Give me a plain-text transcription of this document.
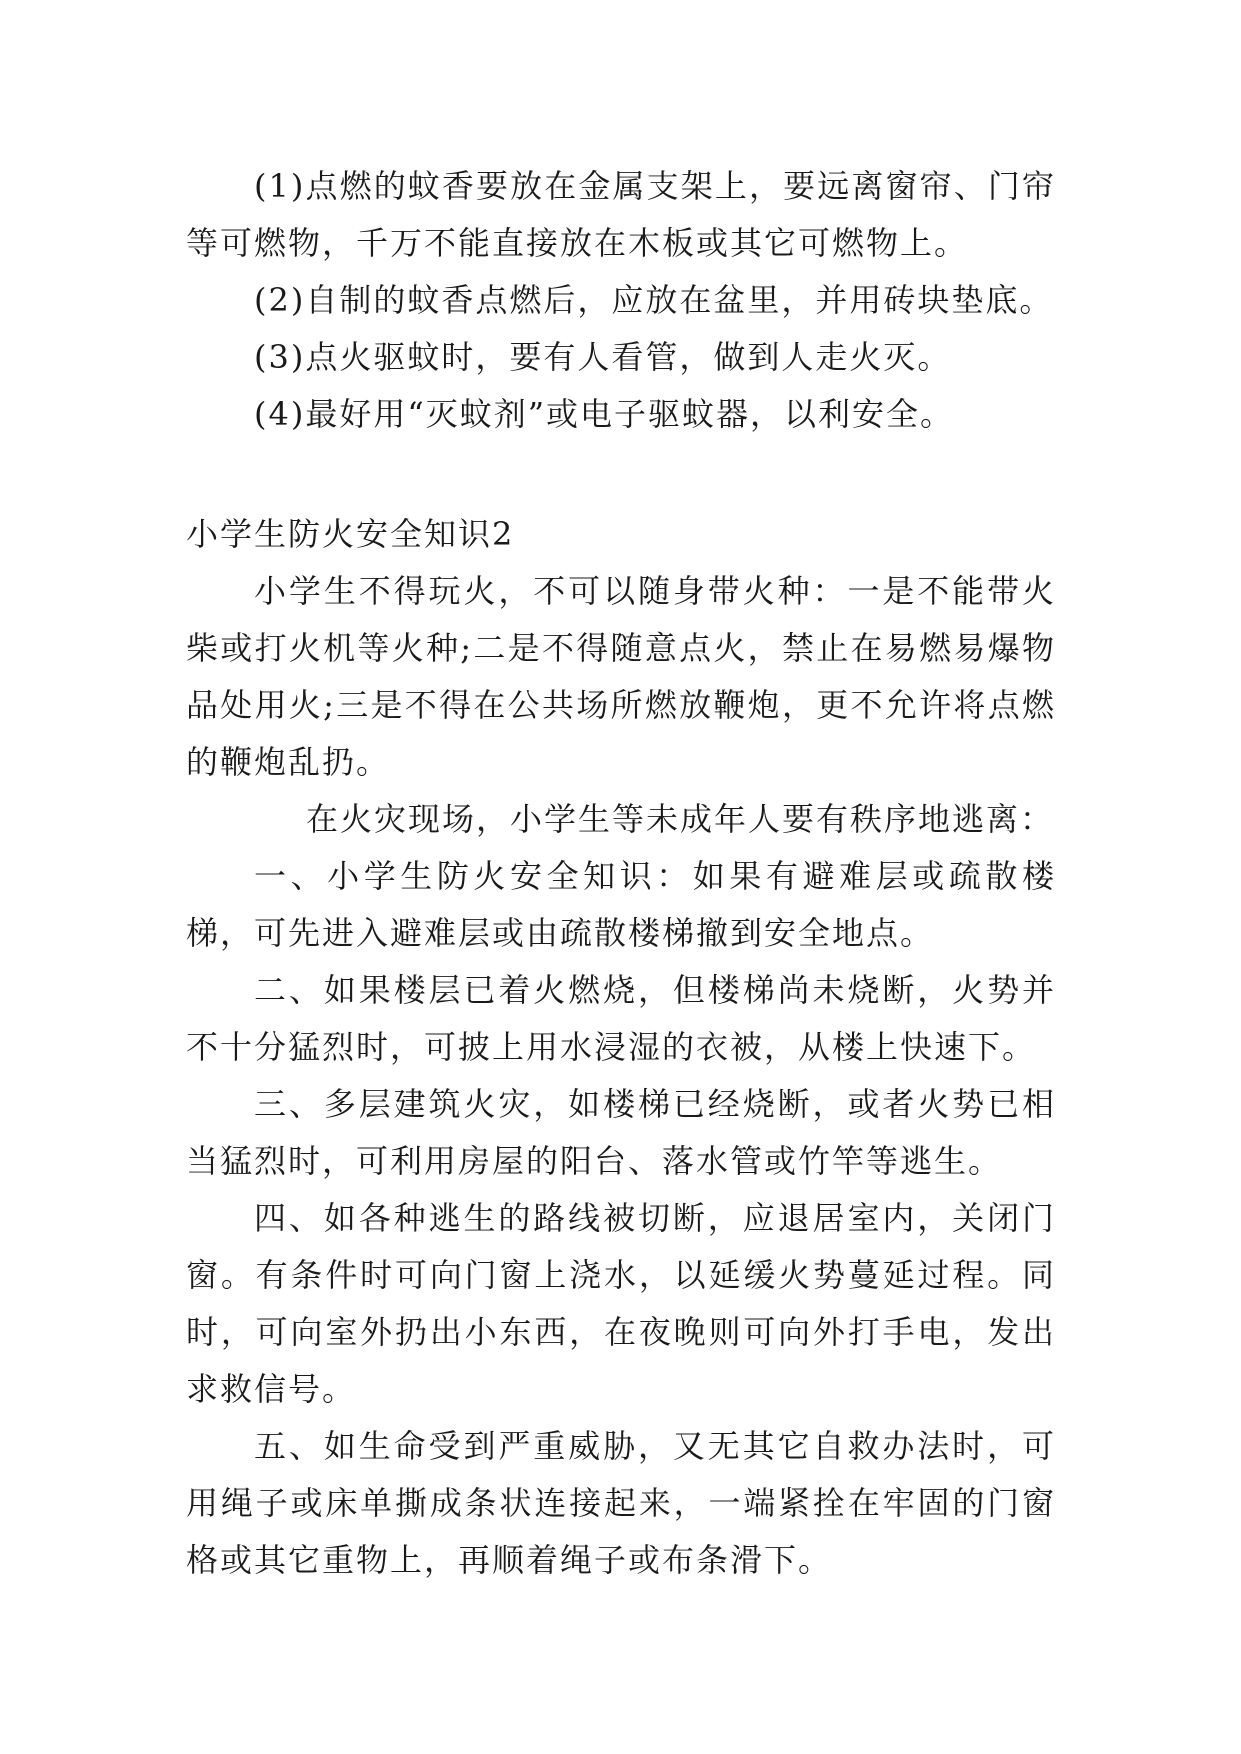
(1)点燃的蚊香要放在金属支架上，要远离窗帘、门帘等可燃物，千万不能直接放在木板或其它可燃物上。

(2)自制的蚊香点燃后，应放在盆里，并用砖块垫底。

(3)点火驱蚊时，要有人看管，做到人走火灭。

(4)最好用“灭蚊剂”或电子驱蚊器，以利安全。

小学生防火安全知识2

小学生不得玩火，不可以随身带火种：一是不能带火柴或打火机等火种;二是不得随意点火，禁止在易燃易爆物品处用火;三是不得在公共场所燃放鞭炮，更不允许将点燃的鞭炮乱扔。

在火灾现场，小学生等未成年人要有秩序地逃离：

一、小学生防火安全知识：如果有避难层或疏散楼梯，可先进入避难层或由疏散楼梯撤到安全地点。

二、如果楼层已着火燃烧，但楼梯尚未烧断，火势并不十分猛烈时，可披上用水浸湿的衣被，从楼上快速下。

三、多层建筑火灾，如楼梯已经烧断，或者火势已相当猛烈时，可利用房屋的阳台、落水管或竹竿等逃生。

四、如各种逃生的路线被切断，应退居室内，关闭门窗。有条件时可向门窗上浇水，以延缓火势蔓延过程。同时，可向室外扔出小东西，在夜晚则可向外打手电，发出求救信号。

五、如生命受到严重威胁，又无其它自救办法时，可用绳子或床单撕成条状连接起来，一端紧拴在牢固的门窗格或其它重物上，再顺着绳子或布条滑下。
